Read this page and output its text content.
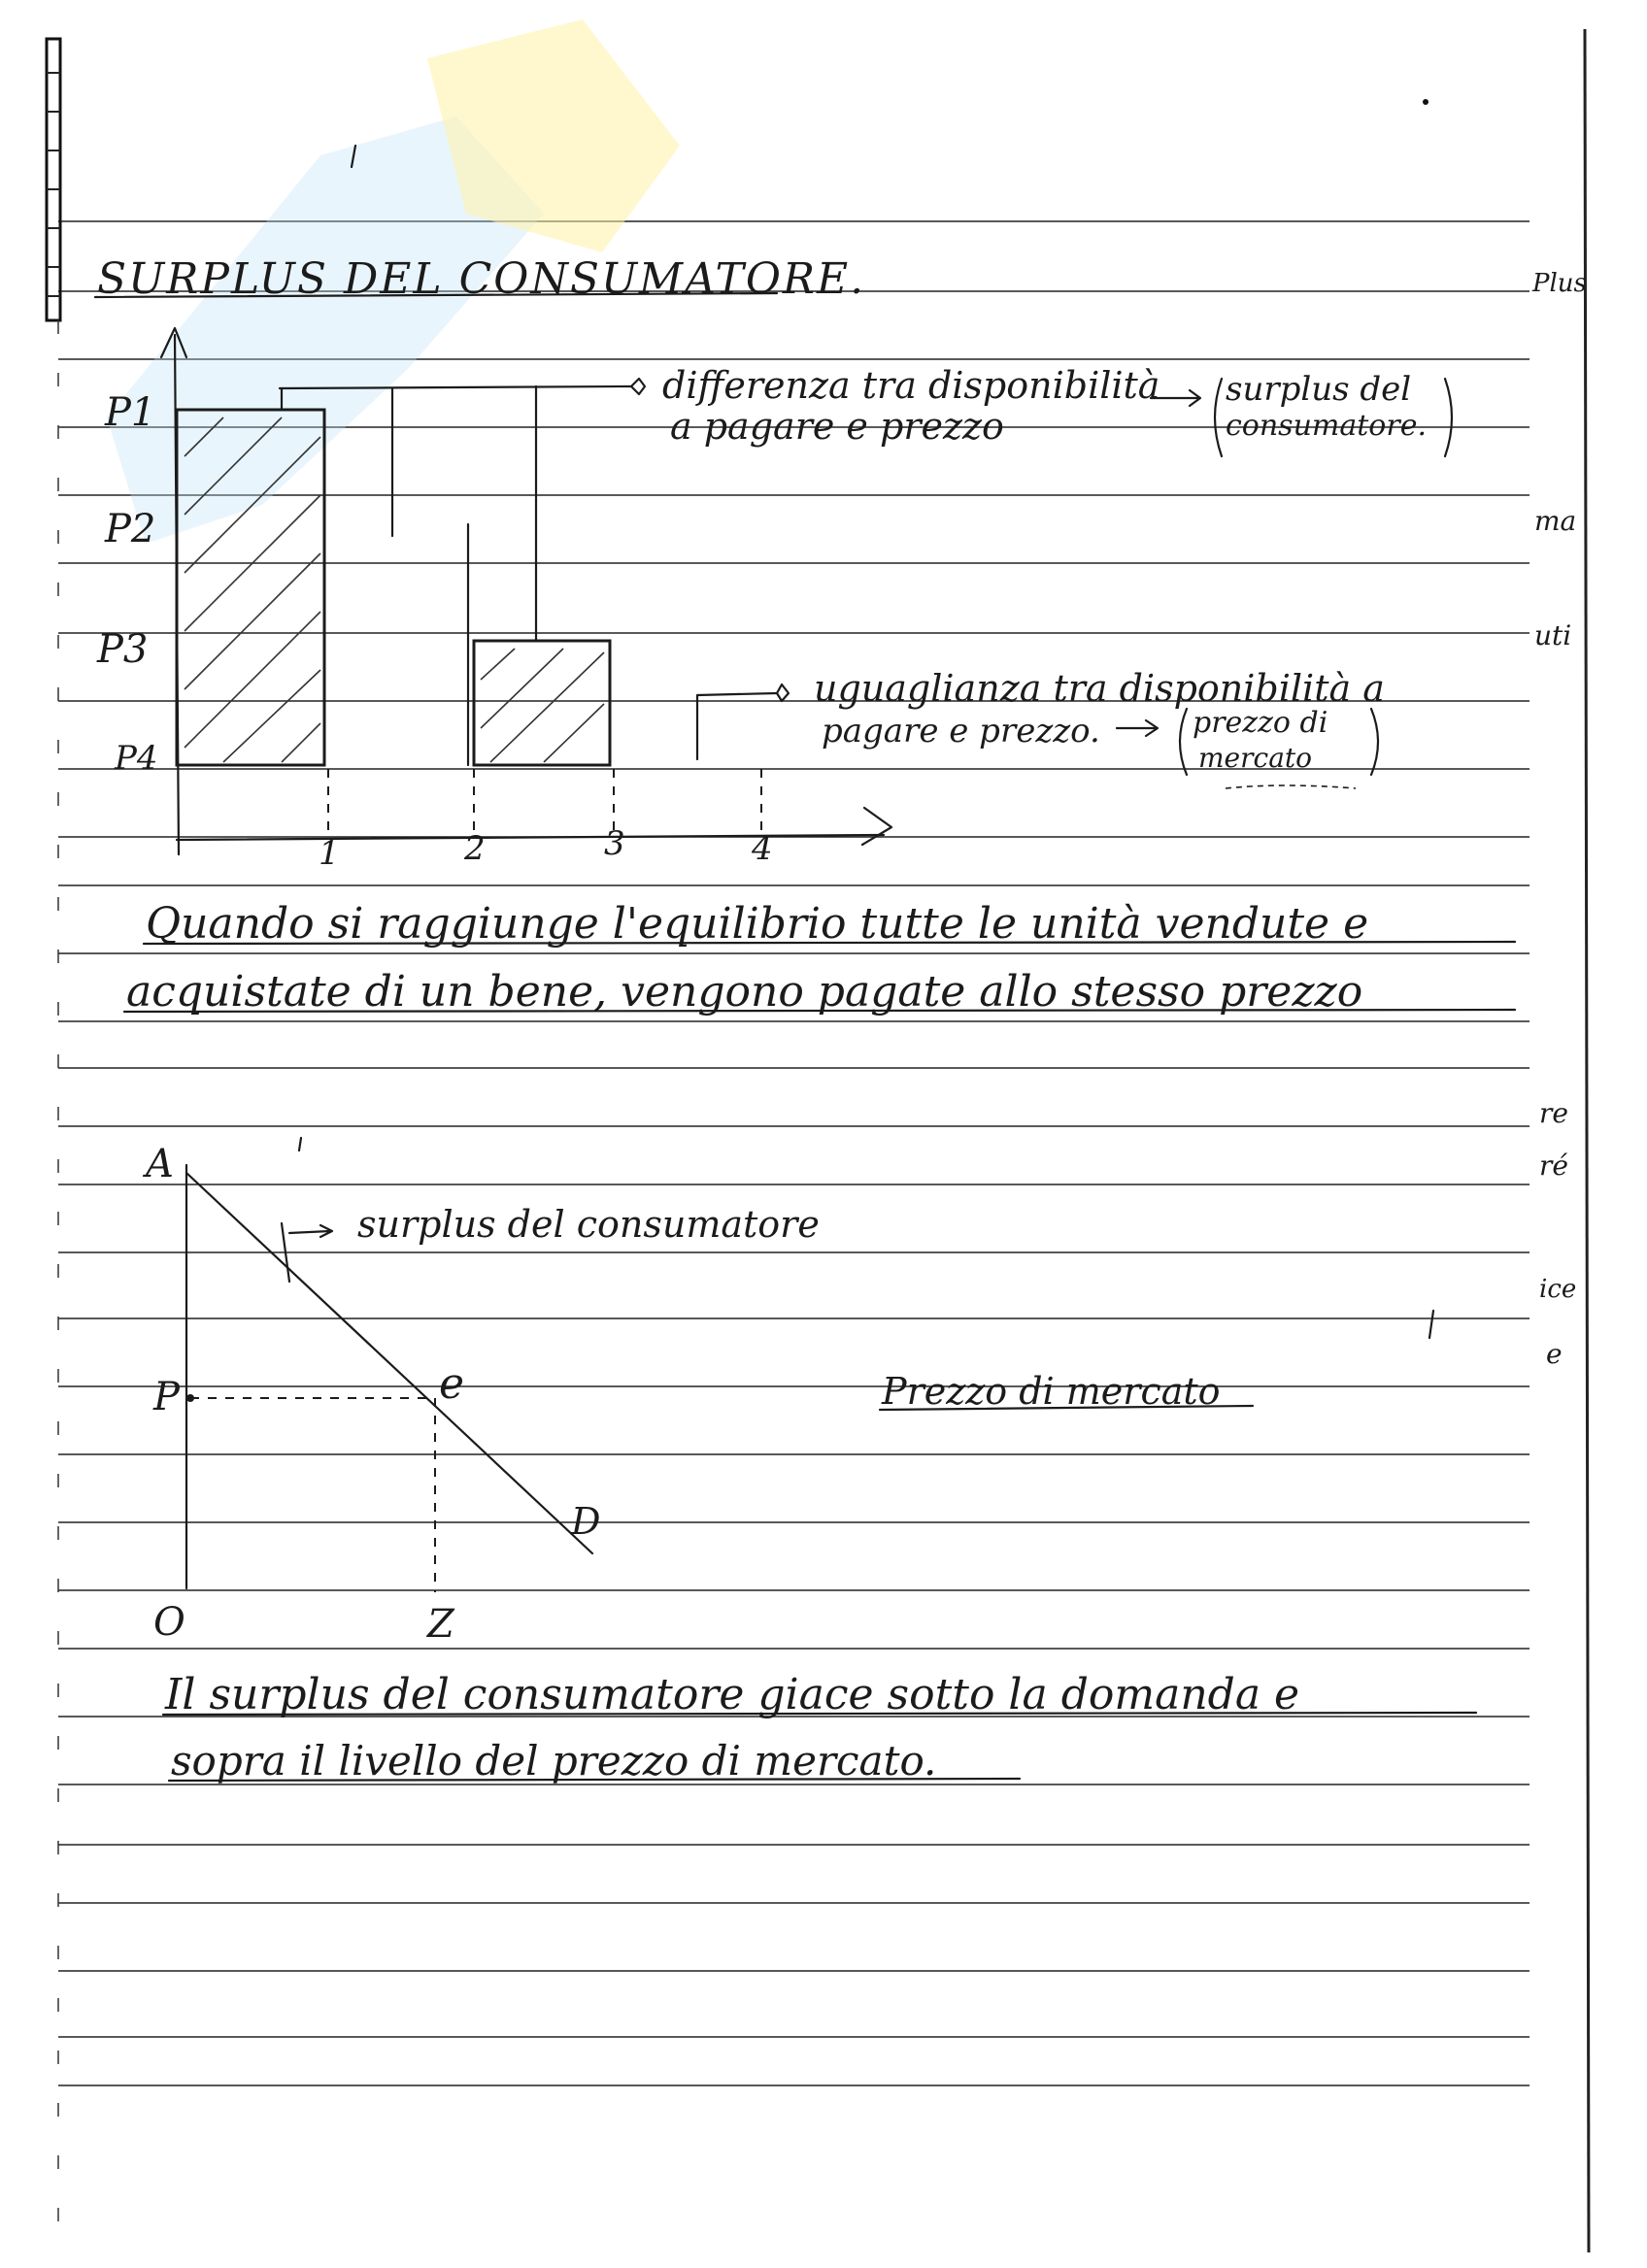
P1
P2
P3
P4
1	2	3	4
differenza tra disponibilità
a pagare e prezzo
surplus del
consumatore.
uguaglianza tra disponibilità a
pagare e prezzo.	prezzo di
mercato
SURPLUS DEL CONSUMATORE.
Quando si raggiunge l'equilibrio tutte le unità vendute e
acquistate di un bene, vengono pagate allo stesso prezzo
A
P	e
D
O	Z
surplus del consumatore
Prezzo di mercato
Il surplus del consumatore giace sotto la domanda e
sopra il livello del prezzo di mercato.
Plus
ma
uti
re
ré
ice
e
